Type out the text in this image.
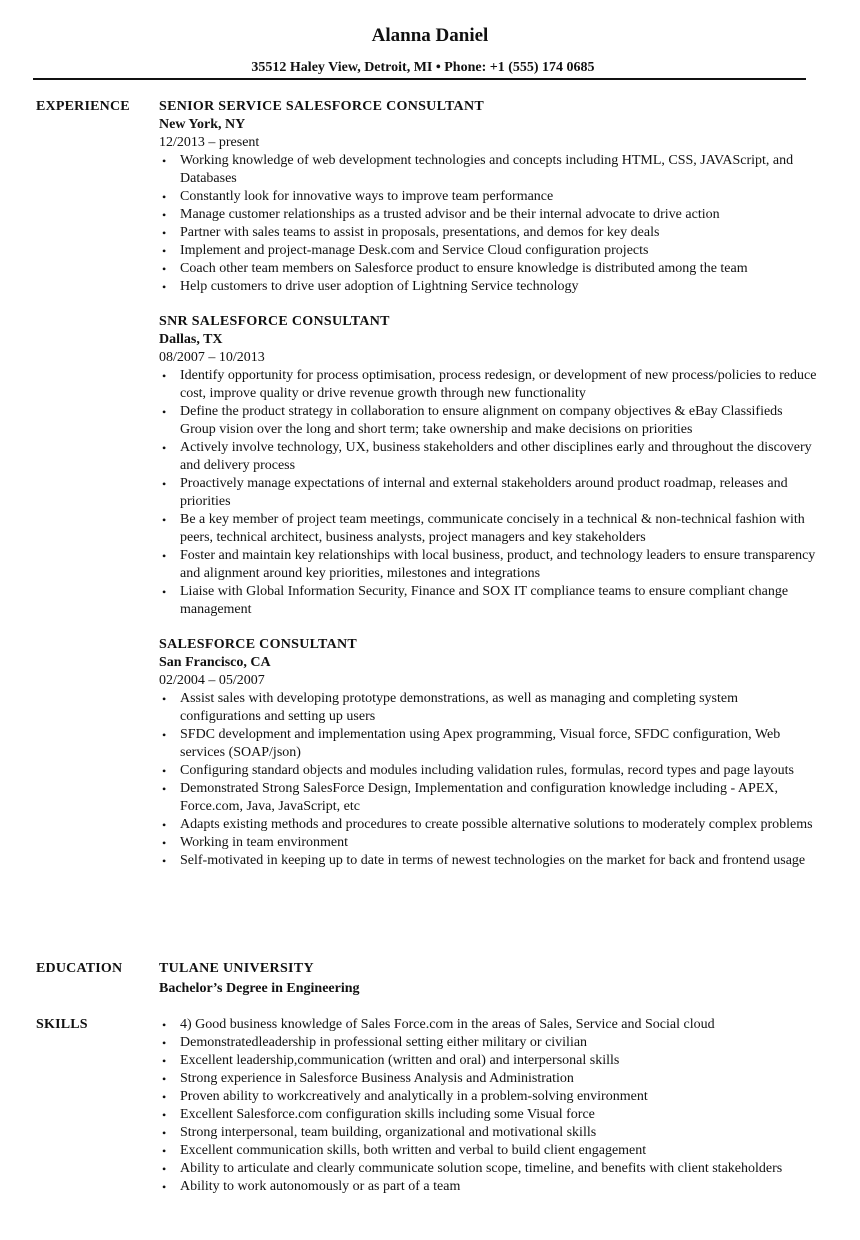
Alanna Daniel
35512 Haley View, Detroit, MI • Phone: +1 (555) 174 0685
EXPERIENCE SENIOR SERVICE SALESFORCE CONSULTANT
New York, NY
12/2013 – present
• Working knowledge of web development technologies and concepts including HTML, CSS, JAVAScript, and Databases
• Constantly look for innovative ways to improve team performance
• Manage customer relationships as a trusted advisor and be their internal advocate to drive action
• Partner with sales teams to assist in proposals, presentations, and demos for key deals
• Implement and project-manage Desk.com and Service Cloud configuration projects
• Coach other team members on Salesforce product to ensure knowledge is distributed among the team
• Help customers to drive user adoption of Lightning Service technology
SNR SALESFORCE CONSULTANT
Dallas, TX
08/2007 – 10/2013
• Identify opportunity for process optimisation, process redesign, or development of new process/policies to reduce cost, improve quality or drive revenue growth through new functionality
• Define the product strategy in collaboration to ensure alignment on company objectives & eBay Classifieds Group vision over the long and short term; take ownership and make decisions on priorities
• Actively involve technology, UX, business stakeholders and other disciplines early and throughout the discovery and delivery process
• Proactively manage expectations of internal and external stakeholders around product roadmap, releases and priorities
• Be a key member of project team meetings, communicate concisely in a technical & non-technical fashion with peers, technical architect, business analysts, project managers and key stakeholders
• Foster and maintain key relationships with local business, product, and technology leaders to ensure transparency and alignment around key priorities, milestones and integrations
• Liaise with Global Information Security, Finance and SOX IT compliance teams to ensure compliant change management
SALESFORCE CONSULTANT
San Francisco, CA
02/2004 – 05/2007
• Assist sales with developing prototype demonstrations, as well as managing and completing system configurations and setting up users
• SFDC development and implementation using Apex programming, Visual force, SFDC configuration, Web services (SOAP/json)
• Configuring standard objects and modules including validation rules, formulas, record types and page layouts
• Demonstrated Strong SalesForce Design, Implementation and configuration knowledge including - APEX, Force.com, Java, JavaScript, etc
• Adapts existing methods and procedures to create possible alternative solutions to moderately complex problems
• Working in team environment
• Self-motivated in keeping up to date in terms of newest technologies on the market for back and frontend usage
EDUCATION	TULANE UNIVERSITY
Bachelor’s Degree in Engineering
SKILLS	• 4) Good business knowledge of Sales Force.com in the areas of Sales, Service and Social cloud
• Demonstratedleadership in professional setting either military or civilian
• Excellent leadership,communication (written and oral) and interpersonal skills
• Strong experience in Salesforce Business Analysis and Administration
• Proven ability to workcreatively and analytically in a problem-solving environment
• Excellent Salesforce.com configuration skills including some Visual force
• Strong interpersonal, team building, organizational and motivational skills
• Excellent communication skills, both written and verbal to build client engagement
• Ability to articulate and clearly communicate solution scope, timeline, and benefits with client stakeholders
• Ability to work autonomously or as part of a team
